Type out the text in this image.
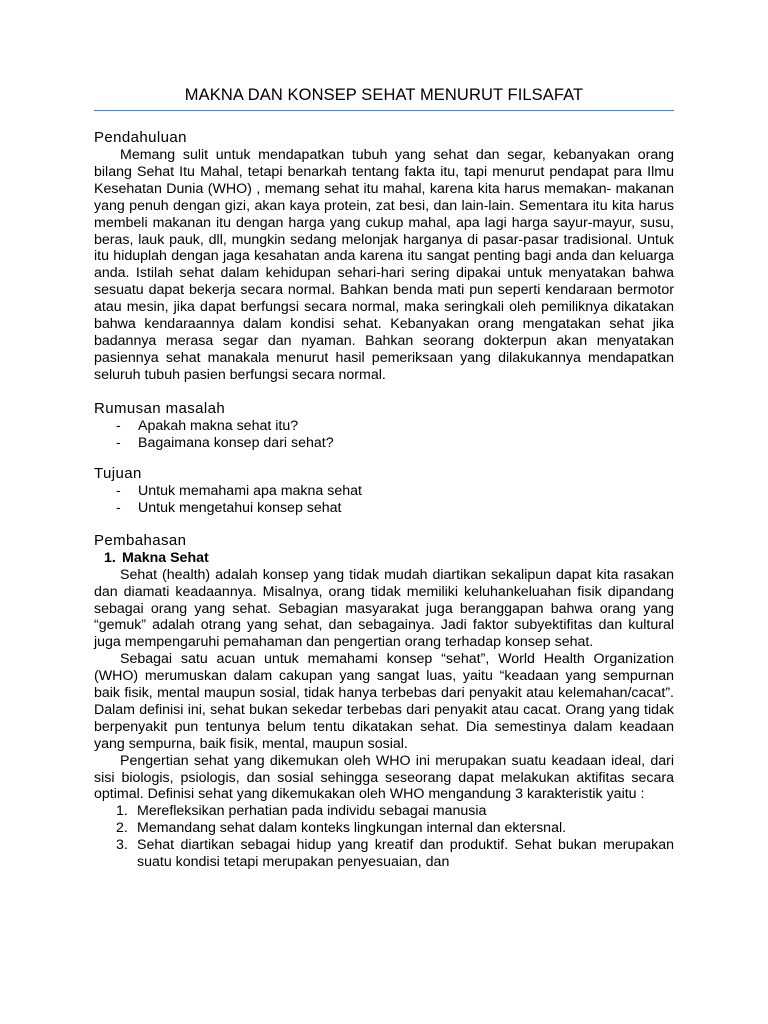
MAKNA DAN KONSEP SEHAT MENURUT FILSAFAT
Pendahuluan

Memang sulit untuk mendapatkan tubuh yang sehat dan segar, kebanyakan orang bilang Sehat Itu Mahal, tetapi benarkah tentang fakta itu, tapi menurut pendapat para Ilmu Kesehatan Dunia (WHO) , memang sehat itu mahal, karena kita harus memakan- makanan yang penuh dengan gizi, akan kaya protein, zat besi, dan lain-lain. Sementara itu kita harus membeli makanan itu dengan harga yang cukup mahal, apa lagi harga sayur-mayur, susu, beras, lauk pauk, dll, mungkin sedang melonjak harganya di pasar-pasar tradisional. Untuk itu hiduplah dengan jaga kesahatan anda karena itu sangat penting bagi anda dan keluarga anda. Istilah sehat dalam kehidupan sehari-hari sering dipakai untuk menyatakan bahwa sesuatu dapat bekerja secara normal. Bahkan benda mati pun seperti kendaraan bermotor atau mesin, jika dapat berfungsi secara normal, maka seringkali oleh pemiliknya dikatakan bahwa kendaraannya dalam kondisi sehat. Kebanyakan orang mengatakan sehat jika badannya merasa segar dan nyaman. Bahkan seorang dokterpun akan menyatakan pasiennya sehat manakala menurut hasil pemeriksaan yang dilakukannya mendapatkan seluruh tubuh pasien berfungsi secara normal.

Rumusan masalah
- Apakah makna sehat itu?
- Bagaimana konsep dari sehat?
Tujuan
- Untuk memahami apa makna sehat
- Untuk mengetahui konsep sehat
Pembahasan
1. Makna Sehat

Sehat (health) adalah konsep yang tidak mudah diartikan sekalipun dapat kita rasakan dan diamati keadaannya. Misalnya, orang tidak memiliki keluhankeluahan fisik dipandang sebagai orang yang sehat. Sebagian masyarakat juga beranggapan bahwa orang yang “gemuk” adalah otrang yang sehat, dan sebagainya. Jadi faktor subyektifitas dan kultural juga mempengaruhi pemahaman dan pengertian orang terhadap konsep sehat.

Sebagai satu acuan untuk memahami konsep “sehat”, World Health Organization (WHO) merumuskan dalam cakupan yang sangat luas, yaitu “keadaan yang sempurnan baik fisik, mental maupun sosial, tidak hanya terbebas dari penyakit atau kelemahan/cacat”. Dalam definisi ini, sehat bukan sekedar terbebas dari penyakit atau cacat. Orang yang tidak berpenyakit pun tentunya belum tentu dikatakan sehat. Dia semestinya dalam keadaan yang sempurna, baik fisik, mental, maupun sosial.

Pengertian sehat yang dikemukan oleh WHO ini merupakan suatu keadaan ideal, dari sisi biologis, psiologis, dan sosial sehingga seseorang dapat melakukan aktifitas secara optimal. Definisi sehat yang dikemukakan oleh WHO mengandung 3 karakteristik yaitu :

1. Merefleksikan perhatian pada individu sebagai manusia
2. Memandang sehat dalam konteks lingkungan internal dan ektersnal.
3. Sehat diartikan sebagai hidup yang kreatif dan produktif. Sehat bukan merupakan suatu kondisi tetapi merupakan penyesuaian, dan
